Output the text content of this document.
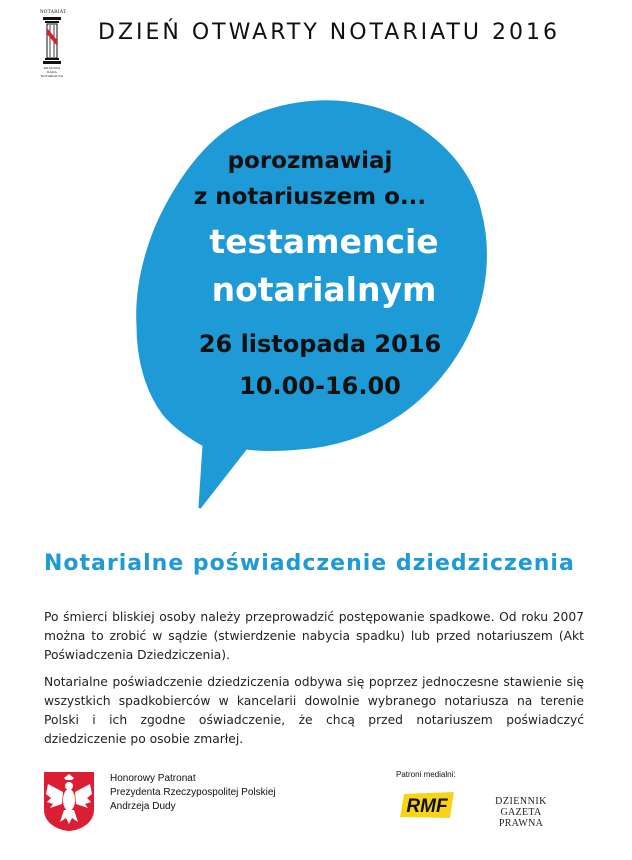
NOTARIAT
KRAJOWA RADA NOTARIALNA
DZIEŃ OTWARTY NOTARIATU 2016
porozmawiaj
z notariuszem o...
testamencie
notarialnym
26 listopada 2016
10.00-16.00
Notarialne poświadczenie dziedziczenia

Po śmierci bliskiej osoby należy przeprowadzić postępowanie spadkowe. Od roku 2007 można to zrobić w sądzie (stwierdzenie nabycia spadku) lub przed notariuszem (Akt Poświadczenia Dziedziczenia).

Notarialne poświadczenie dziedziczenia odbywa się poprzez jednoczesne stawienie się wszystkich spadkobierców w kancelarii dowolnie wybranego notariusza na terenie Polski i ich zgodne oświadczenie, że chcą przed notariuszem poświadczyć dziedziczenie po osobie zmarłej.

Honorowy Patronat
Prezydenta Rzeczypospolitej Polskiej
Andrzeja Dudy
Patroni medialni:
RMF	DZIENNIK
GAZETA PRAWNA
